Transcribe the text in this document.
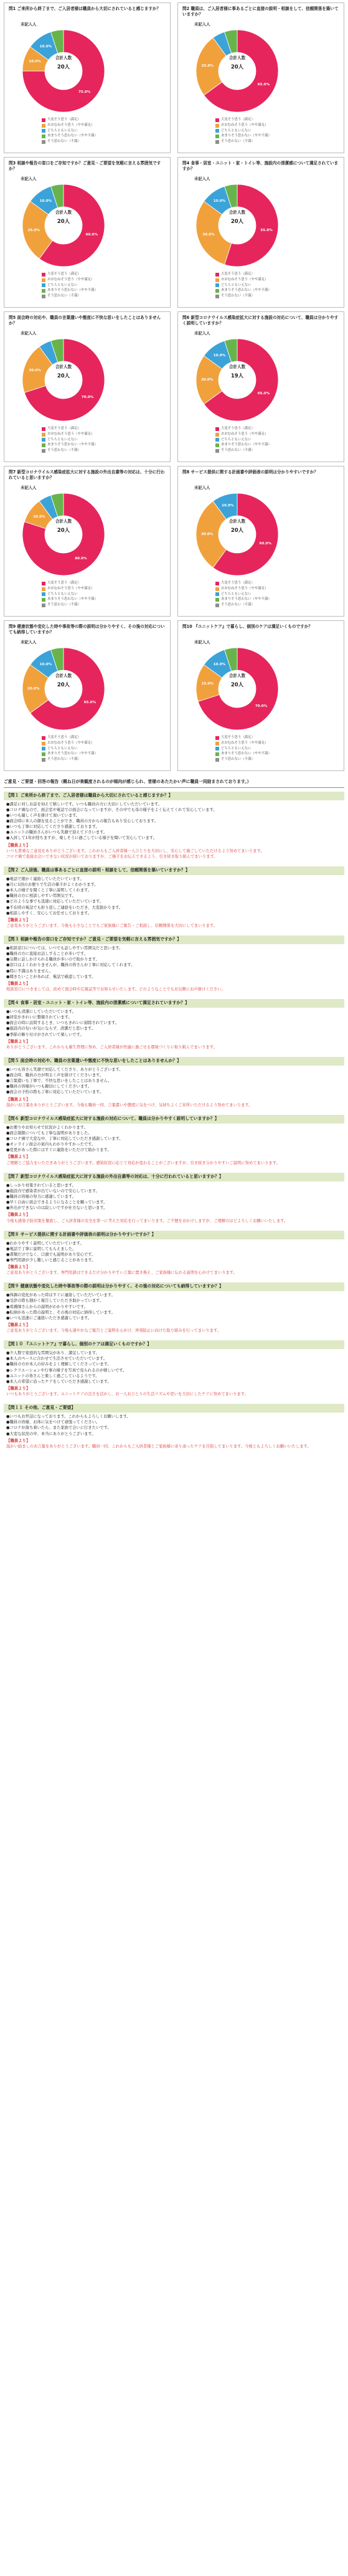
問1 ご来所から終了まで、ご入居者様は職員から大切にされていると感じますか？
未記入人
75.0%
10.0%
10.0%
合計人数
20人
大変そう思う（満足）
おおむねそう思う（やや満足）
どちらともいえない
あまりそう思わない（やや不満）
そう思わない（不満）
問2 職員は、ご入居者様に事あるごとに直接の説明・相談をして、信頼関係を築いていますか？
未記入人
65.0%
25.0%
合計人数
20人
大変そう思う（満足）
おおむねそう思う（やや満足）
どちらともいえない
あまりそう思わない（やや不満）
そう思わない（不満）
問3 相談や報告の窓口をご存知ですか？ご意見・ご要望を気軽に言える雰囲気ですか？
未記入人
60.0%
25.0%
10.0%
合計人数
20人
大変そう思う（満足）
おおむねそう思う（やや満足）
どちらともいえない
あまりそう思わない（やや不満）
そう思わない（不満）
問4 食事・居室・ユニット・家・トイレ等、施設内の清潔感について満足されていますか？
未記入人
55.0%
30.0%
10.0%
合計人数
20人
大変そう思う（満足）
おおむねそう思う（やや満足）
どちらともいえない
あまりそう思わない（やや不満）
そう思わない（不満）
問5 面会時の対応や、職員の言葉遣いや態度に不快な思いをしたことはありませんか？
未記入人
70.0%
20.0%
合計人数
20人
大変そう思う（満足）
おおむねそう思う（やや満足）
どちらともいえない
あまりそう思わない（やや不満）
そう思わない（不満）
問6 新型コロナウイルス感染症拡大に対する施設の対応について、職員は分かりやすく説明していますか？
未記入人
65.0%
20.0%
10.0%
合計人数
19人
大変そう思う（満足）
おおむねそう思う（やや満足）
どちらともいえない
あまりそう思わない（やや不満）
そう思わない（不満）
問7 新型コロナウイルス感染症拡大に対する施設の外出自粛等の対応は、十分に行われていると思いますか？
未記入人
80.0%
10.0%
合計人数
20人
大変そう思う（満足）
おおむねそう思う（やや満足）
どちらともいえない
あまりそう思わない（やや不満）
そう思わない（不満）
問8 サービス提供に関する計画書や評価表の説明は分かりやすいですか？
未記入人
60.0%
30.0%
10.0%
合計人数
20人
大変そう思う（満足）
おおむねそう思う（やや満足）
どちらともいえない
あまりそう思わない（やや不満）
そう思わない（不満）
問9 健康状態や変化した時や事故等の際の説明は分かりやすく、その後の対応についても納得していますか？
未記入人
65.0%
20.0%
10.0%
合計人数
20人
大変そう思う（満足）
おおむねそう思う（やや満足）
どちらともいえない
あまりそう思わない（やや不満）
そう思わない（不満）
問10 『ユニットケア』で暮らし、個別のケアは満足いくものですか？
未記入人
70.0%
15.0%
10.0%
合計人数
20人
大変そう思う（満足）
おおむねそう思う（やや満足）
どちらともいえない
あまりそう思わない（やや不満）
そう思わない（不満）
ご意見・ご要望・回答の報告（概ね日が楽観度されるのが傾向が感じられ、皆様のあたたかい声に職員一同励まされております。）
【問１ ご来所から終了まで、ご入居者様は職員から大切にされていると感じますか？】
●満足に対しお話を伺えて嬉しいです。いつも職員の方に大切にしていただいています。
●コロナ禍なので、面会室や電話での面会になっていますが、その中でも母の様子をよく伝えてくれて安心しています。
●いつも優しく声を掛けて頂いています。
●面会時に本人の顔を見ることができ、職員の方からの報告もあり安心しております。
●いつも丁寧に対応してくださり感謝しております。
●ユニットの職員さんがいつも笑顔で迎えて下さいます。
●入居して1年が経ちますが、楽しそうに過ごしている様子を聞いて安心しています。
【職員より】
いつも貴重なご意見をありがとうございます。これからもご入居者様一人ひとりを大切にし、安心して過ごしていただけるよう努めてまいります。
コロナ禍で直接お会いできない状況が続いておりますが、ご様子をお伝えできるよう、引き続き取り組んでまいります。
【問２ ご入居後、職員は事あるごとに直接の説明・相談をして、信頼関係を築いていますか？】
●電話で細かく連絡していただいています。
●月に1回のお便りで生活の様子がよくわかります。
●本人の様子を聞くと丁寧に説明してくれます。
●職員の方に相談しやすい雰囲気です。
●どのような事でも迅速に対応していただいています。
●不在時の電話でも折り返しご連絡をいただき、大変助かります。
●相談しやすく、安心してお任せしております。
【職員より】
ご意見ありがとうございます。今後も小さなことでもご家族様にご報告・ご相談し、信頼関係を大切にしてまいります。
【問３ 相談や報告の窓口をご存知ですか？ご意見・ご要望を気軽に言える雰囲気ですか？】
●相談窓口については、いつでも話しやすい雰囲気だと思います。
●職員の方に直接お話しすることが多いです。
●気軽に話しかけられる職員が多いので助かります。
●窓口はよくわかりませんが、職員の皆さんが丁寧に対応してくれます。
●特に不満はありません。
●聞きたいことがあれば、電話で確認しています。
【職員より】
相談窓口につきましては、改めて面会時や広報誌等でお知らせいたします。どのようなことでもお気軽にお声掛けください。
【問４ 食事・居室・ユニット・家・トイレ等、施設内の清潔感について満足されていますか？】
●いつも清潔にしていただいています。
●居室がきれいに整頓されています。
●面会の時に訪問するとき、いつもきれいに掃除されています。
●施設内の匂いが気にならず、清潔だと思います。
●季節の飾り付けがされていて楽しいです。
【職員より】
ありがとうございます。これからも衛生管理に努め、ご入居者様が快適に過ごせる環境づくりに取り組んでまいります。
【問５ 面会時の対応や、職員の言葉遣いや態度に不快な思いをしたことはありませんか？】
●いつも皆さん笑顔で対応してくださり、ありがとうございます。
●面会時、職員の方が明るく声を掛けてくださいます。
●言葉遣いも丁寧で、不快な思いをしたことはありません。
●職員の皆様がいつも親切にしてくださいます。
●面会の予約の際も丁寧に対応していただいています。
【職員より】
温かいお言葉をありがとうございます。今後も職員一同、言葉遣いや態度に気をつけ、気持ちよくご来所いただけるよう努めてまいります。
【問６ 新型コロナウイルス感染症拡大に対する施設の対応について、職員は分かりやすく説明していますか？】
●お便りやお知らせで状況がよくわかります。
●面会制限についても丁寧な説明がありました。
●コロナ禍で大変な中、丁寧に対応していただき感謝しています。
●オンライン面会の案内もわかりやすかったです。
●変更があった際にはすぐに連絡をいただけて助かります。
【職員より】
ご理解とご協力をいただきありがとうございます。感染状況に応じて対応が変わることがございますが、引き続き分かりやすいご説明に努めてまいります。
【問７ 新型コロナウイルス感染症拡大に対する施設の外出自粛等の対応は、十分に行われていると思いますか？】
●しっかり対策されていると思います。
●施設内で感染者が出ていないので安心しています。
●職員の皆様の努力に感謝しています。
●早く自由に面会できるようになることを願っています。
●外出ができないのは寂しいですが仕方ないと思います。
【職員より】
今後も感染予防対策を徹底し、ご入居者様の安全を第一に考えた対応を行ってまいります。ご不便をおかけしますが、ご理解のほどよろしくお願いいたします。
【問８ サービス提供に関する計画書や評価表の説明は分かりやすいですか？】
●わかりやすく説明していただいています。
●電話で丁寧に説明してもらえました。
●書類だけでなく、口頭でも説明があり安心です。
●専門用語が少し難しいと感じることがあります。
【職員より】
ご意見ありがとうございます。専門用語はできるだけ分かりやすい言葉に置き換え、ご家族様に伝わる説明を心がけてまいります。
【問９ 健康状態や変化した時や事故等の際の説明は分かりやすく、その後の対応についても納得していますか？】
●体調の変化があった時はすぐに連絡していただいています。
●受診の際も細かく報告していただき助かっています。
●看護師さんからの説明がわかりやすいです。
●転倒があった際の説明と、その後の対応に納得しています。
●いつも迅速にご連絡いただき感謝しています。
【職員より】
ご意見ありがとうございます。今後も速やかなご報告とご説明を心がけ、再発防止に向けた取り組みを行ってまいります。
【問１０ 『ユニットケア』で暮らし、個別のケアは満足いくものですか？】
●少人数で家庭的な雰囲気があり、満足しています。
●本人のペースに合わせて生活させていただいています。
●職員の方が本人の好みをよく理解してくださっています。
●レクリエーションや行事の様子を写真で見られるのが嬉しいです。
●ユニットの皆さんと楽しく過ごしているようです。
●本人の希望に沿ったケアをしていただき感謝しています。
【職員より】
いつもありがとうございます。ユニットケアの良さを活かし、お一人おひとりの生活リズムや思いを大切にしたケアに努めてまいります。
【問１１ その他、ご意見・ご要望】
●いつもお世話になっております。これからもよろしくお願いします。
●職員の皆様、お体に気をつけて頑張ってください。
●コロナが落ち着いたら、また家族で会いに行きたいです。
●大変な状況の中、本当にありがとうございます。
【職員より】
温かい励ましのお言葉をありがとうございます。職員一同、これからもご入居者様とご家族様に寄り添ったケアを目指してまいります。今後ともよろしくお願いいたします。
